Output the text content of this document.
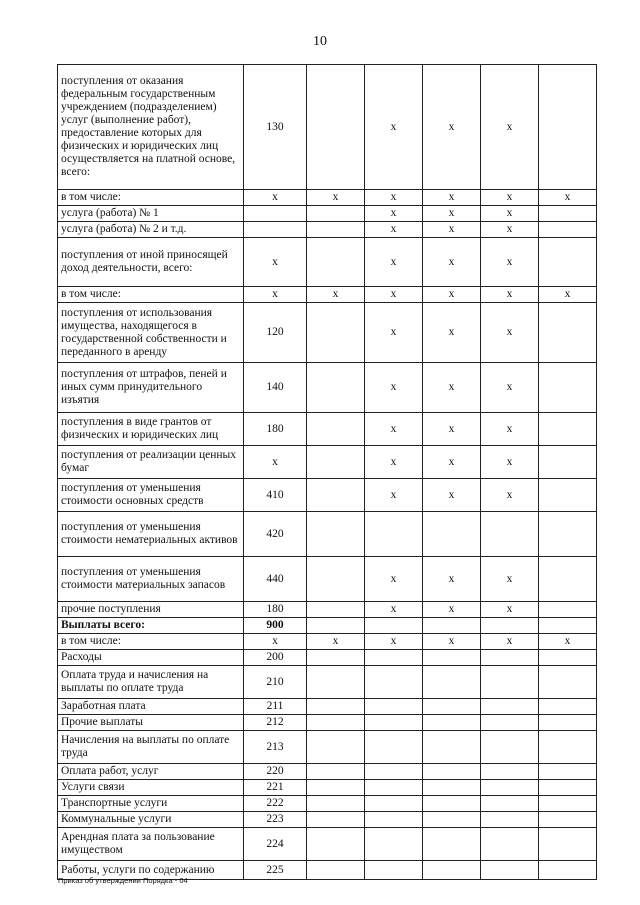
10
поступления от оказания федеральным государственным учреждением (подразделением) услуг (выполнение работ), предоставление которых для физических и юридических лиц осуществляется на платной основе, всего:	130		x	x	x	
в том числе:	x	x	x	x	x	x
услуга (работа) № 1			x	x	x	
услуга (работа) № 2 и т.д.			x	x	x	
поступления от иной приносящей доход деятельности, всего:	x		x	x	x	
в том числе:	x	x	x	x	x	x
поступления от использования имущества, находящегося в государственной собственности и переданного в аренду	120		x	x	x	
поступления от штрафов, пеней и иных сумм принудительного изъятия	140		x	x	x	
поступления в виде грантов от физических и юридических лиц	180		x	x	x	
поступления от реализации ценных бумаг	x		x	x	x	
поступления от уменьшения стоимости основных средств	410		x	x	x	
поступления от уменьшения стоимости нематериальных активов	420					
поступления от уменьшения стоимости материальных запасов	440		x	x	x	
прочие поступления	180		x	x	x	
Выплаты всего:	900					
в том числе:	x	x	x	x	x	x
Расходы	200					
Оплата труда и начисления на выплаты по оплате труда	210					
Заработная плата	211					
Прочие выплаты	212					
Начисления на выплаты по оплате труда	213					
Оплата работ, услуг	220					
Услуги связи	221					
Транспортные услуги	222					
Коммунальные услуги	223					
Арендная плата за пользование имуществом	224					
Работы, услуги по содержанию	225					
Приказ об утверждении Порядка - 04
